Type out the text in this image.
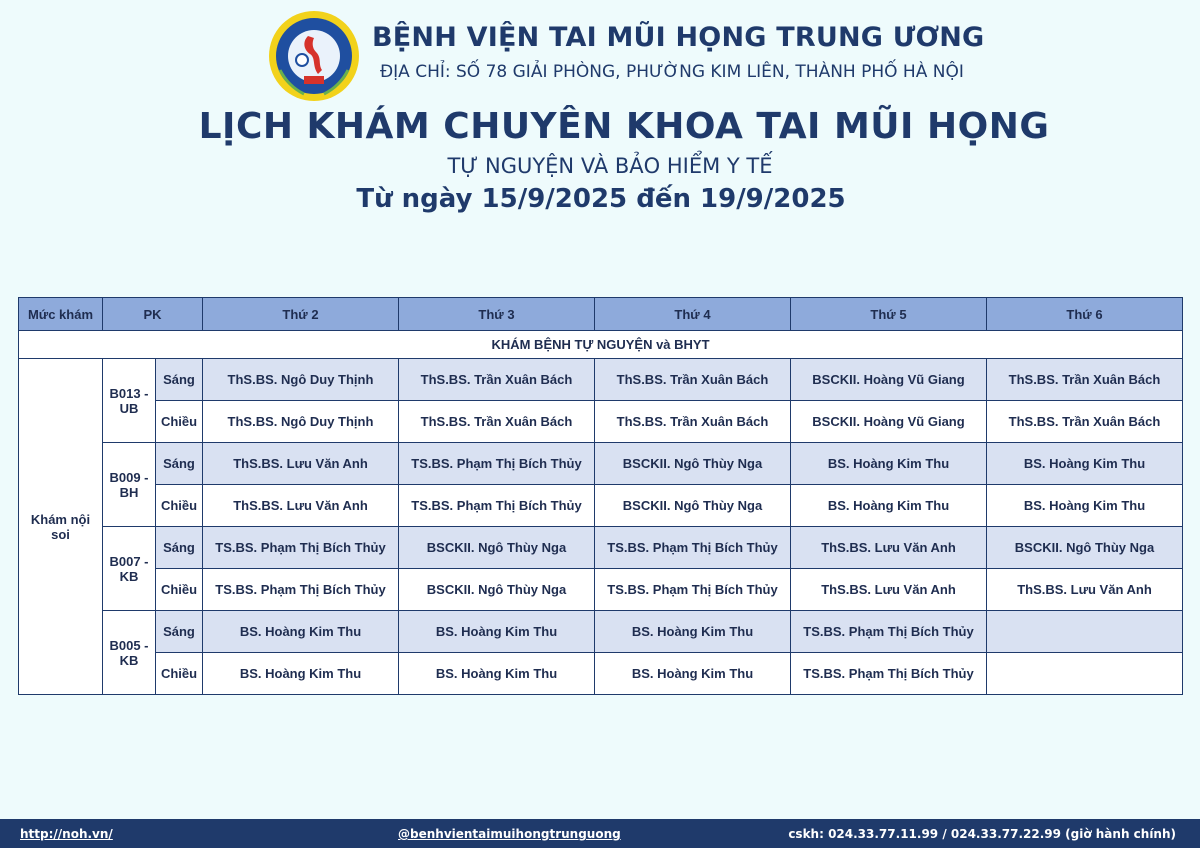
BỆNH VIỆN TAI MŨI HỌNG TRUNG ƯƠNG
ĐỊA CHỈ: SỐ 78 GIẢI PHÒNG, PHƯỜNG KIM LIÊN, THÀNH PHỐ HÀ NỘI
LỊCH KHÁM CHUYÊN KHOA TAI MŨI HỌNG
TỰ NGUYỆN VÀ BẢO HIỂM Y TẾ
Từ ngày 15/9/2025 đến 19/9/2025
Mức khám	PK		Thứ 2	Thứ 3	Thứ 4	Thứ 5	Thứ 6
KHÁM BỆNH TỰ NGUYỆN và BHYT							
Khám nội soi	B013 - UB	Sáng	ThS.BS. Ngô Duy Thịnh	ThS.BS. Trần Xuân Bách	ThS.BS. Trần Xuân Bách	BSCKII. Hoàng Vũ Giang	ThS.BS. Trần Xuân Bách
		Chiều	ThS.BS. Ngô Duy Thịnh	ThS.BS. Trần Xuân Bách	ThS.BS. Trần Xuân Bách	BSCKII. Hoàng Vũ Giang	ThS.BS. Trần Xuân Bách
	B009 - BH	Sáng	ThS.BS. Lưu Văn Anh	TS.BS. Phạm Thị Bích Thủy	BSCKII. Ngô Thùy Nga	BS. Hoàng Kim Thu	BS. Hoàng Kim Thu
		Chiều	ThS.BS. Lưu Văn Anh	TS.BS. Phạm Thị Bích Thủy	BSCKII. Ngô Thùy Nga	BS. Hoàng Kim Thu	BS. Hoàng Kim Thu
	B007 - KB	Sáng	TS.BS. Phạm Thị Bích Thủy	BSCKII. Ngô Thùy Nga	TS.BS. Phạm Thị Bích Thủy	ThS.BS. Lưu Văn Anh	BSCKII. Ngô Thùy Nga
		Chiều	TS.BS. Phạm Thị Bích Thủy	BSCKII. Ngô Thùy Nga	TS.BS. Phạm Thị Bích Thủy	ThS.BS. Lưu Văn Anh	ThS.BS. Lưu Văn Anh
	B005 - KB	Sáng	BS. Hoàng Kim Thu	BS. Hoàng Kim Thu	BS. Hoàng Kim Thu	TS.BS. Phạm Thị Bích Thủy	
		Chiều	BS. Hoàng Kim Thu	BS. Hoàng Kim Thu	BS. Hoàng Kim Thu	TS.BS. Phạm Thị Bích Thủy	
http://noh.vn/	@benhvientaimuihongtrunguong	cskh: 024.33.77.11.99 / 024.33.77.22.99 (giờ hành chính)
